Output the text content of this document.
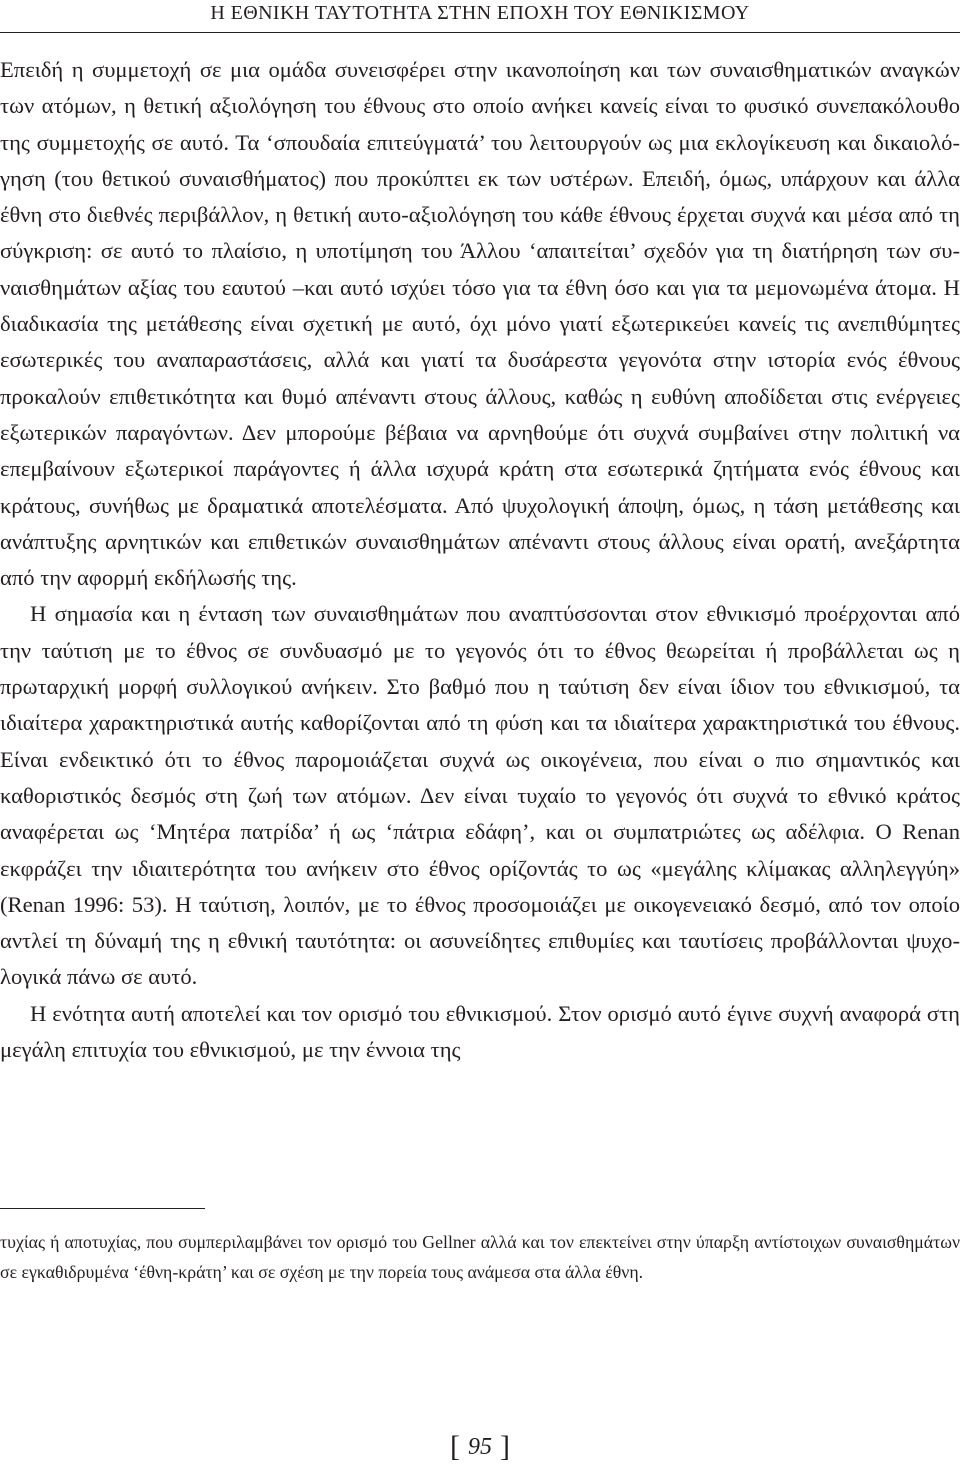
Η ΕΘΝΙΚΗ ΤΑΥΤΟΤΗΤΑ ΣΤΗΝ ΕΠΟΧΗ ΤΟΥ ΕΘΝΙΚΙΣΜΟΥ

Επειδή η συμμετοχή σε μια ομάδα συνεισφέρει στην ικανοποίηση και των συναισθηματικών αναγκών των ατόμων, η θετική αξιολόγηση του έθνους στο οποίο ανήκει κανείς είναι το φυσικό συνεπακόλουθο της συμμετοχής σε αυτό. Τα ‘σπουδαία επιτεύγματά’ του λειτουργούν ως μια εκλογίκευση και δικαιολόγηση (του θετικού συναισθήματος) που προκύπτει εκ των υστέρων. Επειδή, όμως, υπάρχουν και άλλα έθνη στο διεθνές περιβάλλον, η θετική αυτο-αξιολόγηση του κάθε έθνους έρχεται συχνά και μέσα από τη σύγκριση: σε αυτό το πλαίσιο, η υποτίμηση του Άλλου ‘απαιτείται’ σχεδόν για τη διατήρηση των συναισθημάτων αξίας του εαυτού –και αυτό ισχύει τόσο για τα έθνη όσο και για τα μεμονωμένα άτομα. Η διαδικασία της μετάθεσης είναι σχετική με αυτό, όχι μόνο γιατί εξωτερικεύει κανείς τις ανεπιθύμητες εσωτερικές του αναπαραστάσεις, αλλά και γιατί τα δυσάρεστα γεγονότα στην ιστορία ενός έθνους προκαλούν επιθετικότητα και θυμό απέναντι στους άλλους, καθώς η ευθύνη αποδίδεται στις ενέργειες εξωτερικών παραγόντων. Δεν μπορούμε βέβαια να αρνηθούμε ότι συχνά συμβαίνει στην πολιτική να επεμβαίνουν εξωτερικοί παράγοντες ή άλλα ισχυρά κράτη στα εσωτερικά ζητήματα ενός έθνους και κράτους, συνήθως με δραματικά αποτελέσματα. Από ψυχολογική άποψη, όμως, η τάση μετάθεσης και ανάπτυξης αρνητικών και επιθετικών συναισθημάτων απέναντι στους άλλους είναι ορατή, ανεξάρτητα από την αφορμή εκδήλωσής της.

Η σημασία και η ένταση των συναισθημάτων που αναπτύσσονται στον εθνικισμό προέρχονται από την ταύτιση με το έθνος σε συνδυασμό με το γεγονός ότι το έθνος θεωρείται ή προβάλλεται ως η πρωταρχική μορφή συλλογικού ανήκειν. Στο βαθμό που η ταύτιση δεν είναι ίδιον του εθνικισμού, τα ιδιαίτερα χαρακτηριστικά αυτής καθορίζονται από τη φύση και τα ιδιαίτερα χαρακτηριστικά του έθνους. Είναι ενδεικτικό ότι το έθνος παρομοιάζεται συχνά ως οικογένεια, που είναι ο πιο σημαντικός και καθοριστικός δεσμός στη ζωή των ατόμων. Δεν είναι τυχαίο το γεγονός ότι συχνά το εθνικό κράτος αναφέρεται ως ‘Μητέρα πατρίδα’ ή ως ‘πάτρια εδάφη’, και οι συμπατριώτες ως αδέλφια. Ο Renan εκφράζει την ιδιαιτερότητα του ανήκειν στο έθνος ορίζοντάς το ως «μεγάλης κλίμακας αλληλεγγύη» (Renan 1996: 53). Η ταύτιση, λοιπόν, με το έθνος προσομοιάζει με οικογενειακό δεσμό, από τον οποίο αντλεί τη δύναμή της η εθνική ταυτότητα: οι ασυνείδητες επιθυμίες και ταυτίσεις προβάλλονται ψυχολογικά πάνω σε αυτό.

Η ενότητα αυτή αποτελεί και τον ορισμό του εθνικισμού. Στον ορισμό αυτό έγινε συχνή αναφορά στη μεγάλη επιτυχία του εθνικισμού, με την έννοια της

τυχίας ή αποτυχίας, που συμπεριλαμβάνει τον ορισμό του Gellner αλλά και τον επεκτείνει στην ύπαρξη αντίστοιχων συναισθημάτων σε εγκαθιδρυμένα ‘έθνη-κράτη’ και σε σχέση με την πορεία τους ανάμεσα στα άλλα έθνη.

[ 95 ]
